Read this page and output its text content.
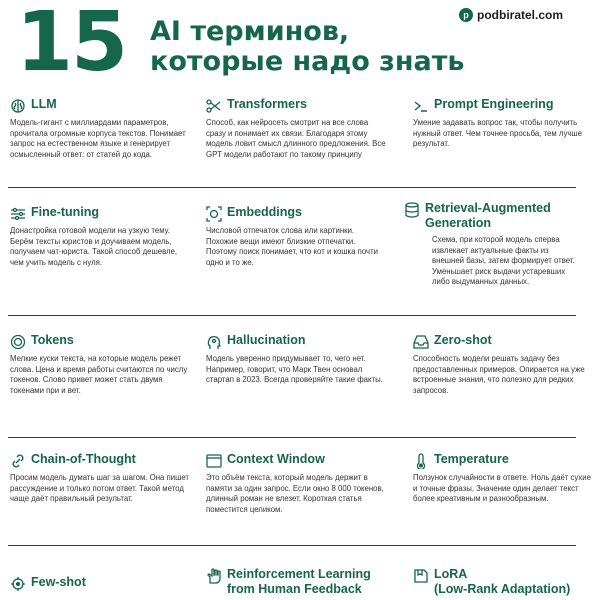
15 AI терминов,
которые надо знать
p podbiratel.com
LLM
Модель-гигант с миллиардами параметров, прочитала огромные корпуса текстов. Понимает запрос на естественном языке и генерирует осмысленный ответ: от статей до кода.
Transformers
Способ, как нейросеть смотрит на все слова сразу и понимает их связи. Благодаря этому модель ловит смысл длинного предложения. Все GPT модели работают по такому принципу
Prompt Engineering
Умение задавать вопрос так, чтобы получить нужный ответ. Чем точнее просьба, тем лучше результат.
Fine-tuning
Донастройка готовой модели на узкую тему. Берём тексты юристов и доучиваем модель, получаем чат-юриста. Такой способ дешевле, чем учить модель с нуля.
Embeddings
Числовой отпечаток слова или картинки. Похожие вещи имеют близкие отпечатки. Поэтому поиск понимает, что кот и кошка почти одно и то же.
Retrieval-Augmented
Generation
Схема, при которой модель сперва извлекает актуальные факты из внешней базы, затем формирует ответ. Уменьшает риск выдачи устаревших либо выдуманных данных.
Tokens
Мелкие куски текста, на которые модель режет слова. Цена и время работы считаются по числу токенов. Слово привет может стать двумя токенами при и вет.
Hallucination
Модель уверенно придумывает то, чего нет. Например, говорит, что Марк Твен основал стартап в 2023. Всегда проверяйте такие факты.
Zero-shot
Способность модели решать задачу без предоставленных примеров. Опирается на уже встроенные знания, что полезно для редких запросов.
Chain-of-Thought
Просим модель думать шаг за шагом. Она пишет рассуждение и только потом ответ. Такой метод чаще даёт правильный результат.
Context Window
Это объём текста, который модель держит в памяти за один запрос. Если окно 8 000 токенов, длинный роман не влезет. Короткая статья поместится целиком.
Temperature
Ползунок случайности в ответе. Ноль даёт сухие и точные фразы. Значение один делает текст более креативным и разнообразным.
Few-shot
Reinforcement Learning
from Human Feedback
LoRA
(Low-Rank Adaptation)
